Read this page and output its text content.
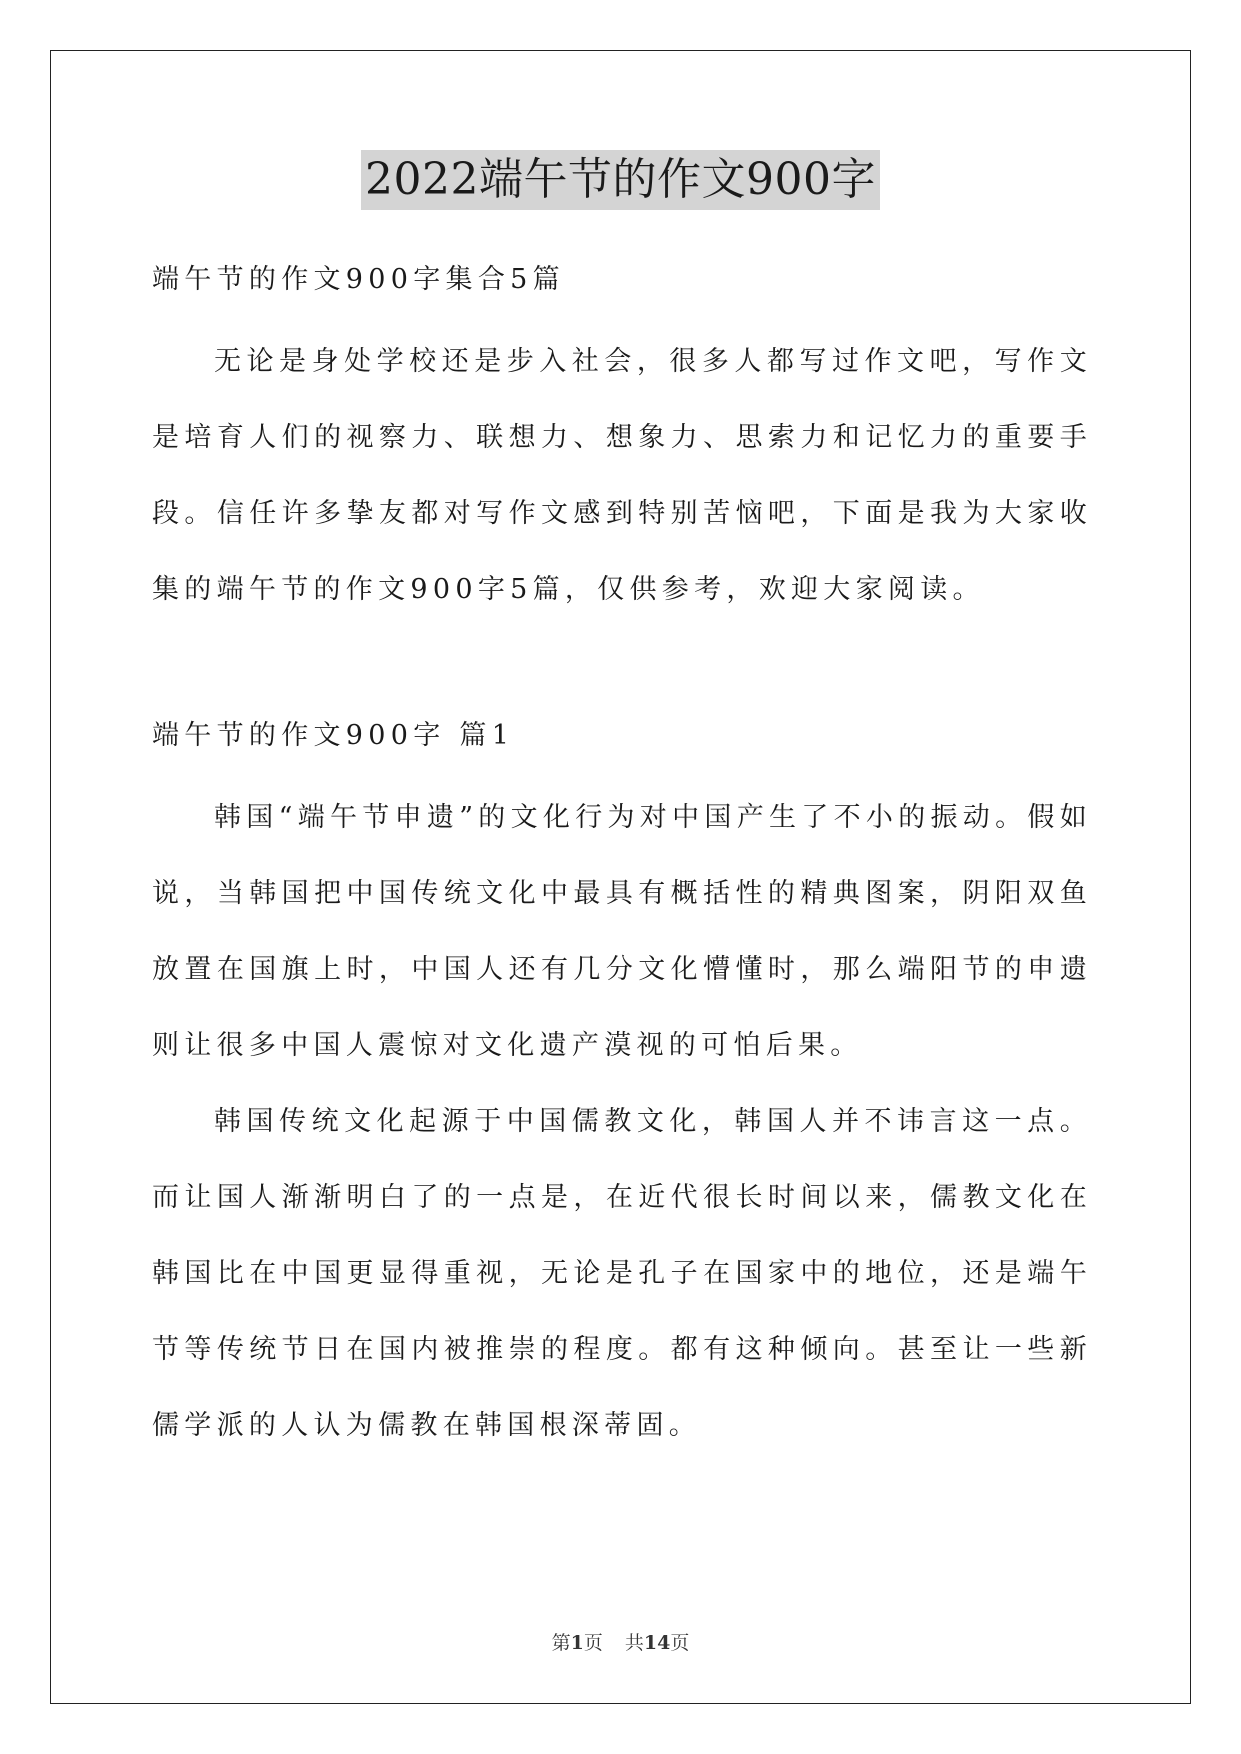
2022端午节的作文900字

端午节的作文900字集合5篇

无论是身处学校还是步入社会，很多人都写过作文吧，写作文是培育人们的视察力、联想力、想象力、思索力和记忆力的重要手段。信任许多挚友都对写作文感到特别苦恼吧，下面是我为大家收集的端午节的作文900字5篇，仅供参考，欢迎大家阅读。

端午节的作文900字 篇1

韩国“端午节申遗”的文化行为对中国产生了不小的振动。假如说，当韩国把中国传统文化中最具有概括性的精典图案，阴阳双鱼放置在国旗上时，中国人还有几分文化懵懂时，那么端阳节的申遗则让很多中国人震惊对文化遗产漠视的可怕后果。

韩国传统文化起源于中国儒教文化，韩国人并不讳言这一点。而让国人渐渐明白了的一点是，在近代很长时间以来，儒教文化在韩国比在中国更显得重视，无论是孔子在国家中的地位，还是端午节等传统节日在国内被推崇的程度。都有这种倾向。甚至让一些新儒学派的人认为儒教在韩国根深蒂固。

第1页 共14页
